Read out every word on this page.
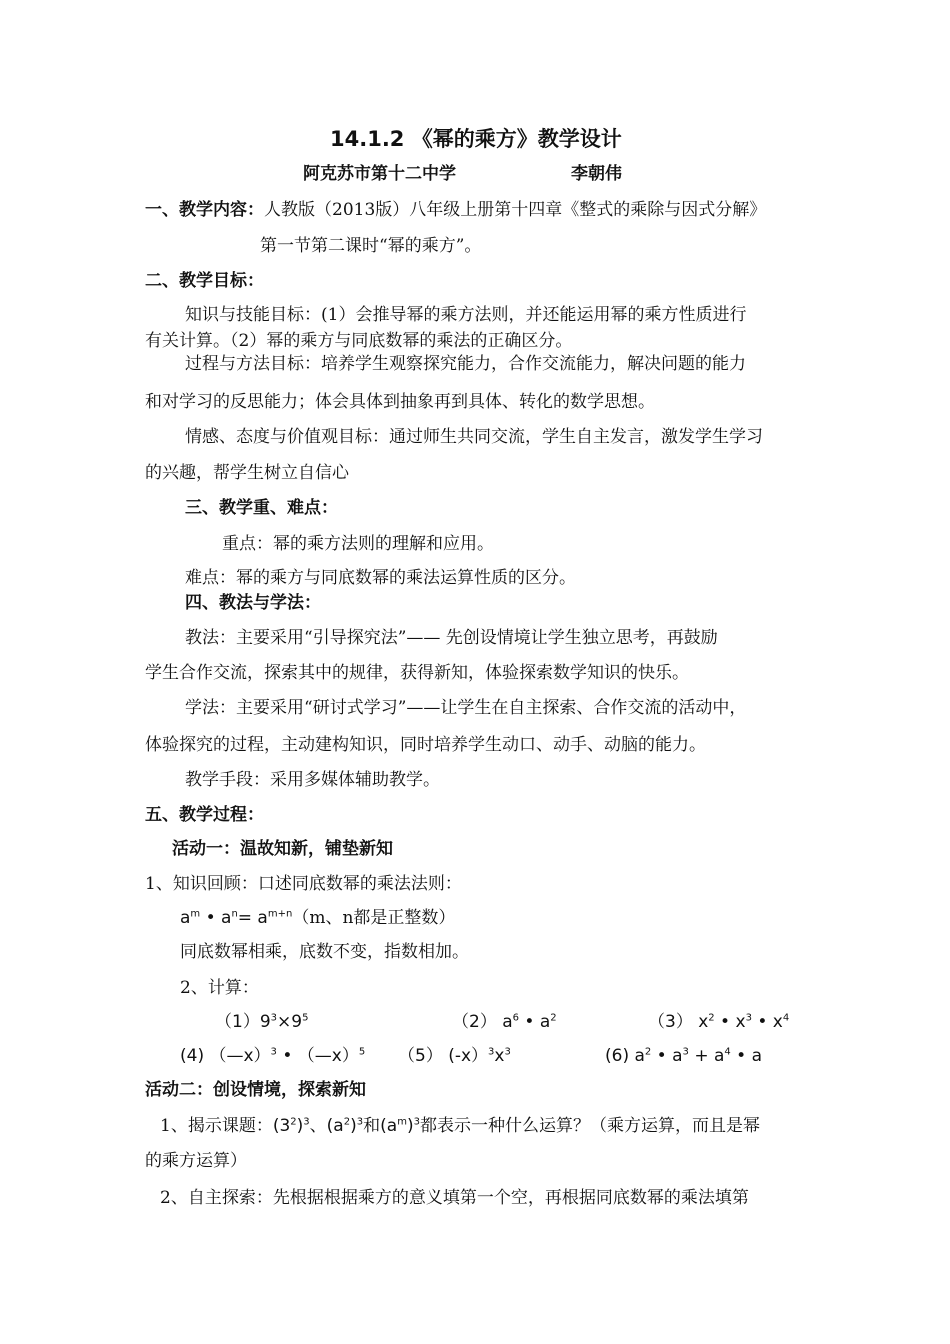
14.1.2 《幂的乘方》教学设计
阿克苏市第十二中学	李朝伟
一、教学内容：人教版（2013版）八年级上册第十四章《整式的乘除与因式分解》
第一节第二课时“幂的乘方”。
二、教学目标：
知识与技能目标：(1）会推导幂的乘方法则，并还能运用幂的乘方性质进行
有关计算。（2）幂的乘方与同底数幂的乘法的正确区分。
过程与方法目标：培养学生观察探究能力，合作交流能力，解决问题的能力
和对学习的反思能力；体会具体到抽象再到具体、转化的数学思想。
情感、态度与价值观目标：通过师生共同交流，学生自主发言，激发学生学习
的兴趣，帮学生树立自信心
三、教学重、难点：
重点：幂的乘方法则的理解和应用。
难点：幂的乘方与同底数幂的乘法运算性质的区分。
四、教法与学法：
教法：主要采用“引导探究法”—— 先创设情境让学生独立思考，再鼓励
学生合作交流，探索其中的规律，获得新知，体验探索数学知识的快乐。
学法：主要采用“研讨式学习”——让学生在自主探索、合作交流的活动中，
体验探究的过程，主动建构知识，同时培养学生动口、动手、动脑的能力。
教学手段：采用多媒体辅助教学。
五、教学过程：
活动一：温故知新，铺垫新知
1、知识回顾：口述同底数幂的乘法法则：
$a^m$ • $a^n= a^{m+n}(m$、n都是正整数）
同底数幂相乘，底数不变，指数相加。
2、计算：
$(1)9^3\times 9^5$	（2） $a^6$ • $a^2$	（3） $x^2$ • $x^3$ • $x^4$
(4) （—x）$^3$ • （—x）$^5$ （5） $(-x)^3x^3$	(6) $a^2$ • $a^3 + a^4$ • a
活动二：创设情境，探索新知
1、揭示课题：$(3^2)^3$、$(a^2)^3$和$(a^m)^3$都表示一种什么运算？（乘方运算，而且是幂
的乘方运算）
2、自主探索：先根据根据乘方的意义填第一个空，再根据同底数幂的乘法填第
